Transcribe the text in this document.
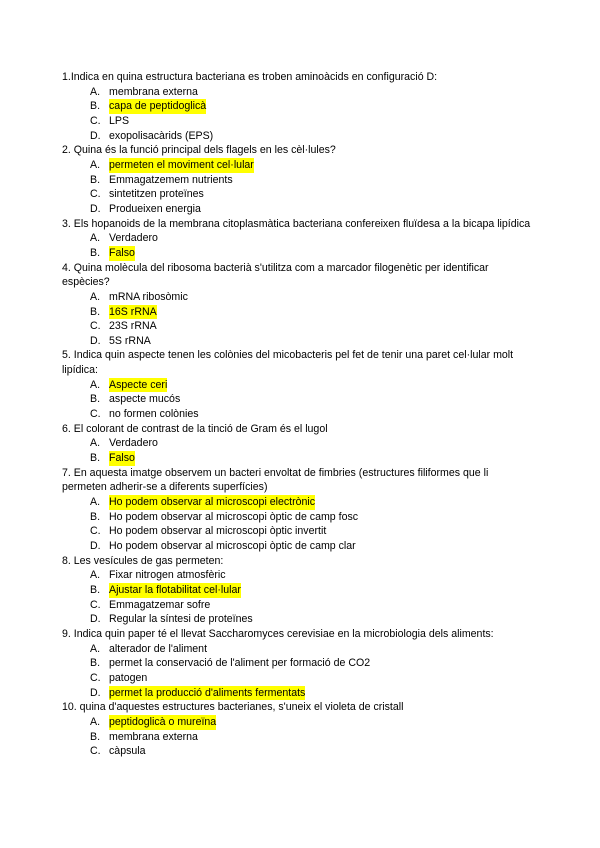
1.Indica en quina estructura bacteriana es troben aminoàcids en configuració D:

A. membrana externa
B. capa de peptidoglicà
C. LPS
D. exopolisacàrids (EPS)

2. Quina és la funció principal dels flagels en les cèl·lules?

A. permeten el moviment cel·lular
B. Emmagatzemem nutrients
C. sintetitzen proteïnes
D. Produeixen energia

3. Els hopanoids de la membrana citoplasmàtica bacteriana confereixen fluïdesa a la bicapa lipídica

A. Verdadero
B. Falso

4. Quina molècula del ribosoma bacterià s'utilitza com a marcador filogenètic per identificar espècies?

A. mRNA ribosòmic
B. 16S rRNA
C. 23S rRNA
D. 5S rRNA

5. Indica quin aspecte tenen les colònies del micobacteris pel fet de tenir una paret cel·lular molt lipídica:

A. Aspecte ceri
B. aspecte mucós
C. no formen colònies

6. El colorant de contrast de la tinció de Gram és el lugol

A. Verdadero
B. Falso

7. En aquesta imatge observem un bacteri envoltat de fimbries (estructures filiformes que li permeten adherir-se a diferents superfícies)

A. Ho podem observar al microscopi electrònic
B. Ho podem observar al microscopi òptic de camp fosc
C. Ho podem observar al microscopi òptic invertit
D. Ho podem observar al microscopi òptic de camp clar

8. Les vesícules de gas permeten:

A. Fixar nitrogen atmosfèric
B. Ajustar la flotabilitat cel·lular
C. Emmagatzemar sofre
D. Regular la síntesi de proteïnes

9. Indica quin paper té el llevat Saccharomyces cerevisiae en la microbiologia dels aliments:

A. alterador de l'aliment
B. permet la conservació de l'aliment per formació de CO2
C. patogen
D. permet la producció d'aliments fermentats

10. quina d'aquestes estructures bacterianes, s'uneix el violeta de cristall

A. peptidoglicà o mureïna
B. membrana externa
C. càpsula
